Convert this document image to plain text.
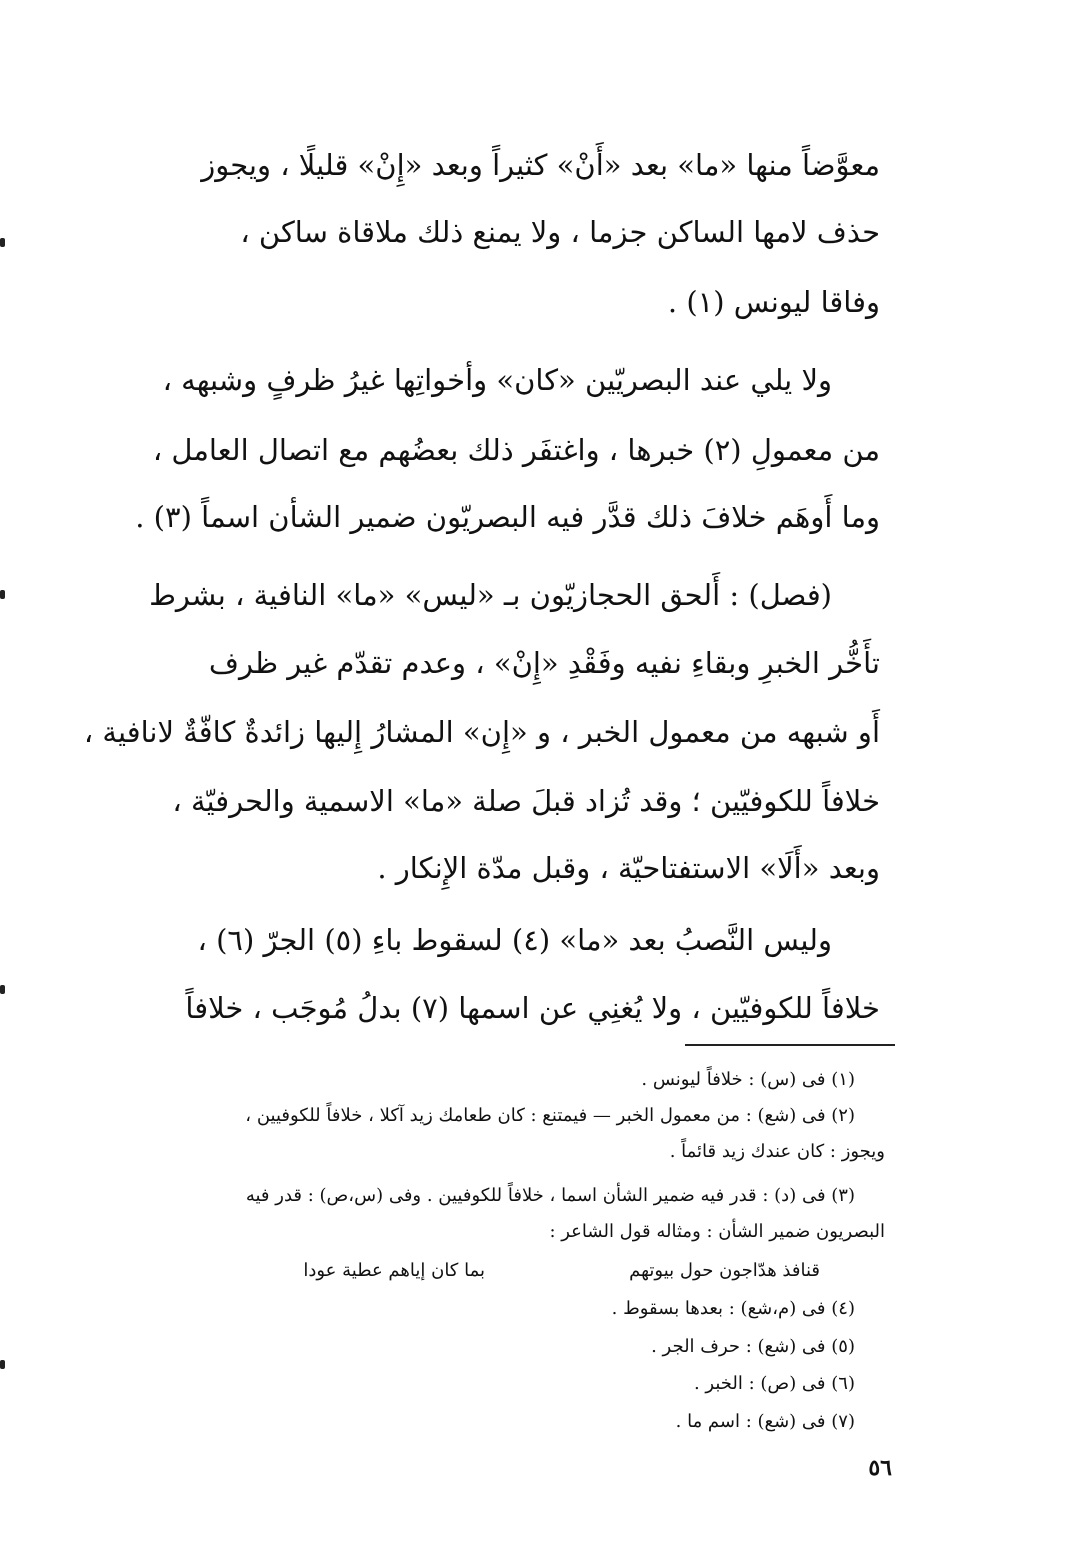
معوَّضاً منها «ما» بعد «أَنْ» كثيراً وبعد «إِنْ» قليلًا ، ويجوز
حذف لامها الساكن جزما ، ولا يمنع ذلك ملاقاة ساكن ،
وفاقا ليونس (١) .
ولا يلي عند البصريّين «كان» وأخواتِها غيرُ ظرفٍ وشبهه ،
من معمولِ (٢) خبرها ، واغتفَر ذلك بعضُهم مع اتصال العامل ،
وما أَوهَم خلافَ ذلك قدَّر فيه البصريّون ضمير الشأن اسماً (٣) .
(فصل) : أَلحق الحجازيّون بـ «ليس» «ما» النافية ، بشرط
تأَخُّر الخبرِ وبقاءِ نفيه وفَقْدِ «إِنْ» ، وعدم تقدّم غير ظرف
أَو شبهه من معمول الخبر ، و «إِن» المشارُ إِليها زائدةٌ كافّةٌ لانافية ،
خلافاً للكوفيّين ؛ وقد تُزاد قبلَ صلة «ما» الاسمية والحرفيّة ،
وبعد «أَلَا» الاستفتاحيّة ، وقبل مدّة الإِنكار .
وليس النَّصبُ بعد «ما» (٤) لسقوط باءِ (٥) الجرّ (٦) ،
خلافاً للكوفيّين ، ولا يُغنِي عن اسمها (٧) بدلُ مُوجَب ، خلافاً
(١) فى (س) : خلافاً ليونس .
(٢) فى (شع) : من معمول الخبر — فيمتنع : كان طعامك زيد آكلا ، خلافاً للكوفيين ،
ويجوز : كان عندك زيد قائماً .
(٣) فى (د) : قدر فيه ضمير الشأن اسما ، خلافاً للكوفيين . وفى (س،ص) : قدر فيه
البصريون ضمير الشأن : ومثاله قول الشاعر :
قنافذ هدّاجون حول بيوتهم
بما كان إياهم عطية عودا
(٤) فى (م،شع) : بعدها بسقوط .
(٥) فى (شع) : حرف الجر .
(٦) فى (ص) : الخبر .
(٧) فى (شع) : اسم ما .
٥٦
